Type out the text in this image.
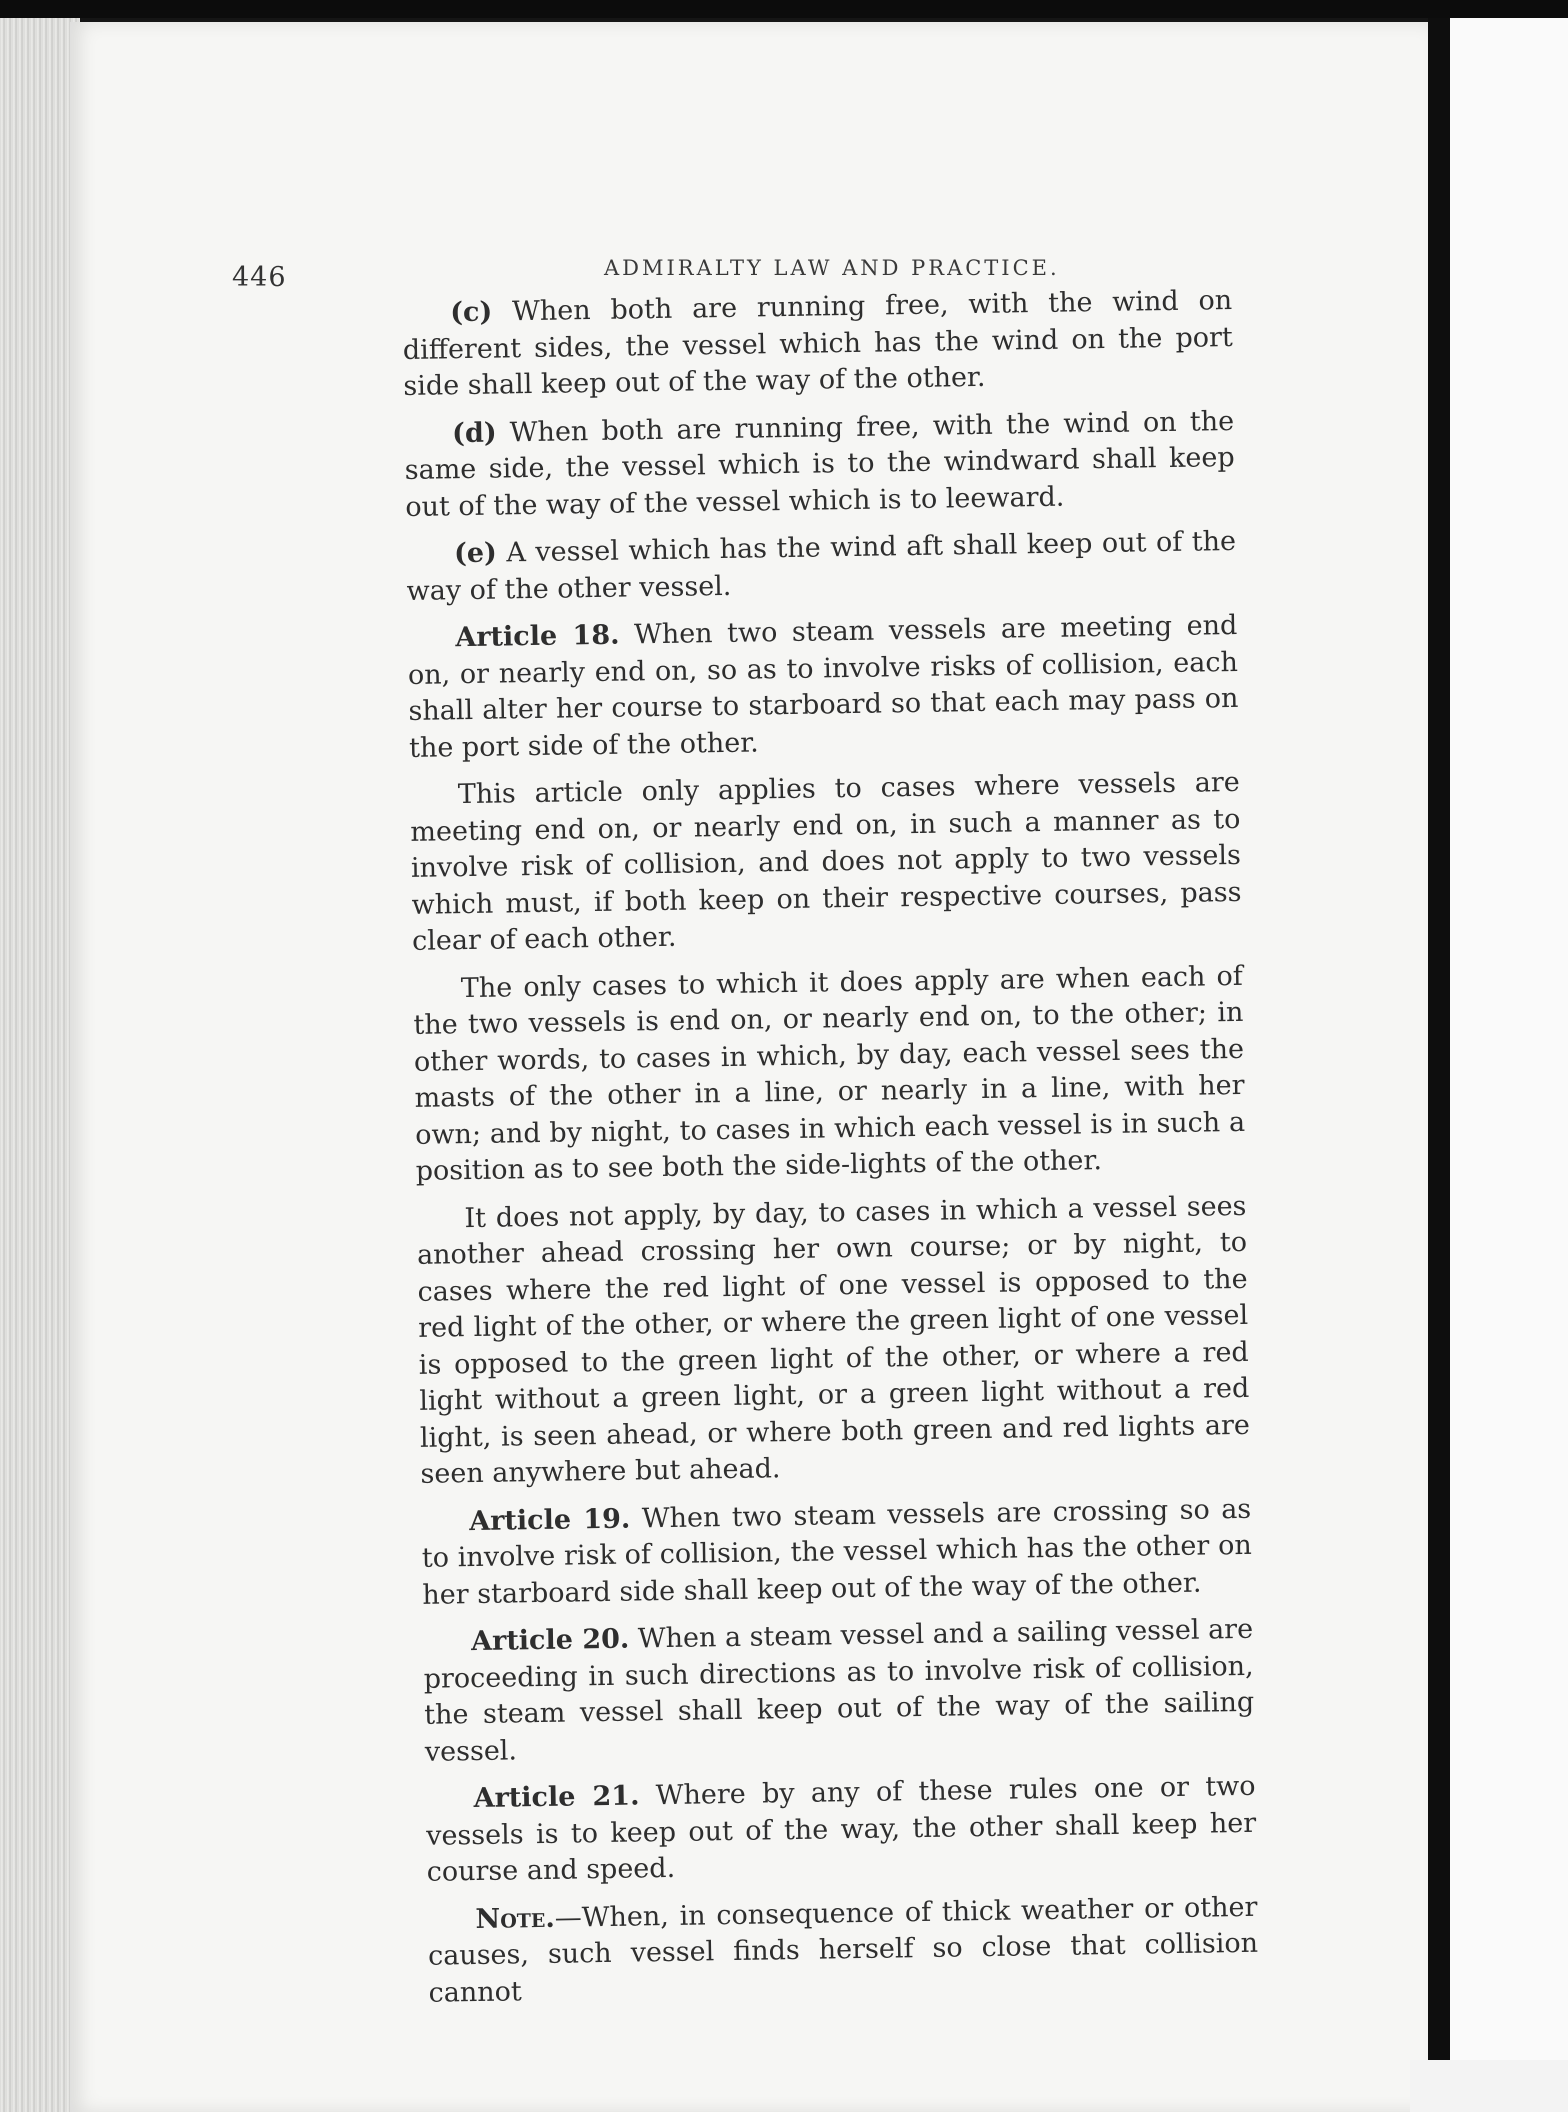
446	ADMIRALTY LAW AND PRACTICE.

(c) When both are running free, with the wind on different sides, the vessel which has the wind on the port side shall keep out of the way of the other.

(d) When both are running free, with the wind on the same side, the vessel which is to the windward shall keep out of the way of the vessel which is to leeward.

(e) A vessel which has the wind aft shall keep out of the way of the other vessel.

Article 18. When two steam vessels are meeting end on, or nearly end on, so as to involve risks of collision, each shall alter her course to starboard so that each may pass on the port side of the other.

This article only applies to cases where vessels are meeting end on, or nearly end on, in such a manner as to involve risk of collision, and does not apply to two vessels which must, if both keep on their respective courses, pass clear of each other.

The only cases to which it does apply are when each of the two vessels is end on, or nearly end on, to the other; in other words, to cases in which, by day, each vessel sees the masts of the other in a line, or nearly in a line, with her own; and by night, to cases in which each vessel is in such a position as to see both the side-lights of the other.

It does not apply, by day, to cases in which a vessel sees another ahead crossing her own course; or by night, to cases where the red light of one vessel is opposed to the red light of the other, or where the green light of one vessel is opposed to the green light of the other, or where a red light without a green light, or a green light without a red light, is seen ahead, or where both green and red lights are seen anywhere but ahead.

Article 19. When two steam vessels are crossing so as to involve risk of collision, the vessel which has the other on her starboard side shall keep out of the way of the other.

Article 20. When a steam vessel and a sailing vessel are proceeding in such directions as to involve risk of collision, the steam vessel shall keep out of the way of the sailing vessel.

Article 21. Where by any of these rules one or two vessels is to keep out of the way, the other shall keep her course and speed.

Note.—When, in consequence of thick weather or other causes, such vessel finds herself so close that collision cannot
